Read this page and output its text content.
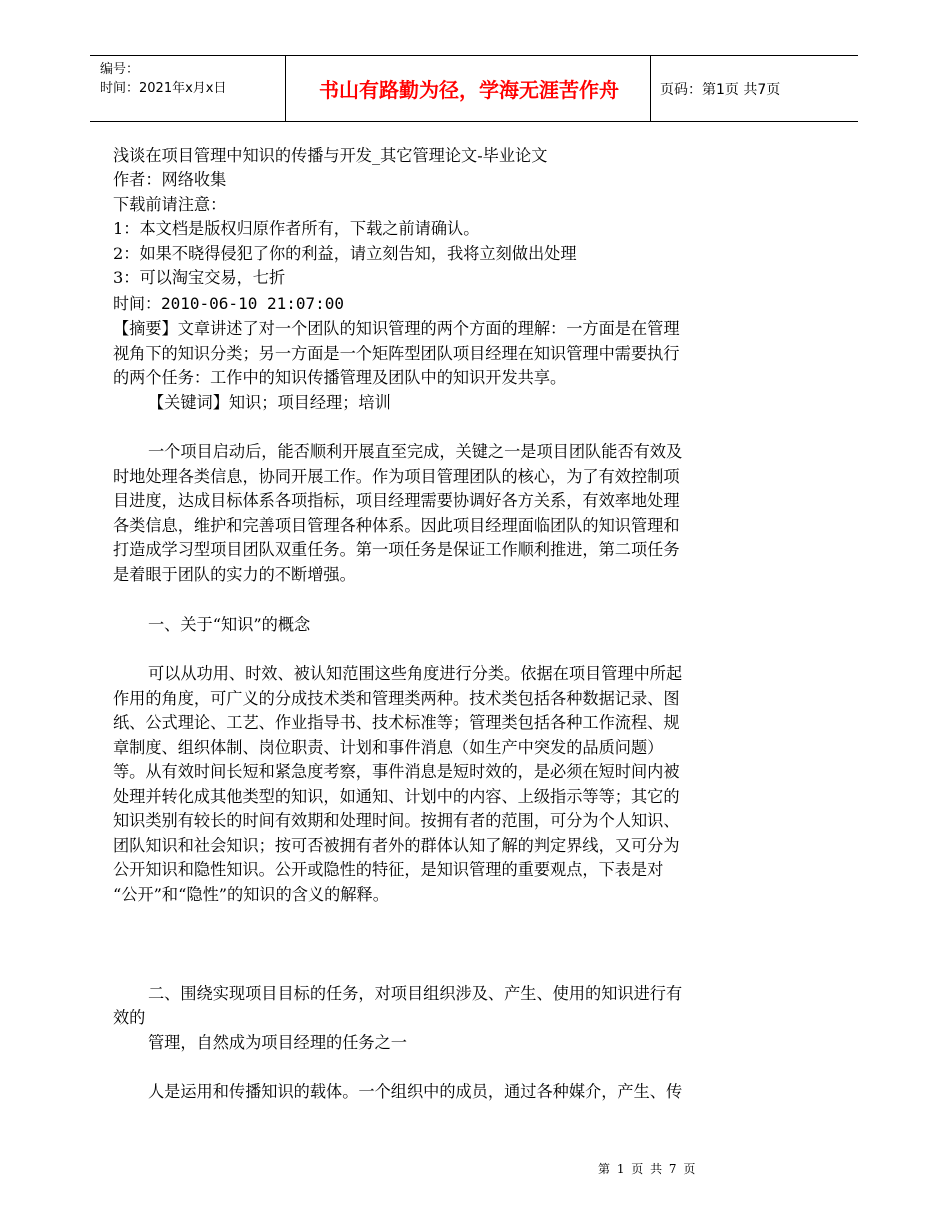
编号：
时间：2021年x月x日	书山有路勤为径，学海无涯苦作舟	页码：第1页 共7页
浅谈在项目管理中知识的传播与开发_其它管理论文-毕业论文
作者：网络收集
下载前请注意：
1：本文档是版权归原作者所有，下载之前请确认。
2：如果不晓得侵犯了你的利益，请立刻告知，我将立刻做出处理
3：可以淘宝交易，七折
时间：2010-06-10 21:07:00
【摘要】文章讲述了对一个团队的知识管理的两个方面的理解：一方面是在管理
视角下的知识分类；另一方面是一个矩阵型团队项目经理在知识管理中需要执行
的两个任务：工作中的知识传播管理及团队中的知识开发共享。
【关键词】知识；项目经理；培训
一个项目启动后，能否顺利开展直至完成，关键之一是项目团队能否有效及
时地处理各类信息，协同开展工作。作为项目管理团队的核心，为了有效控制项
目进度，达成目标体系各项指标，项目经理需要协调好各方关系，有效率地处理
各类信息，维护和完善项目管理各种体系。因此项目经理面临团队的知识管理和
打造成学习型项目团队双重任务。第一项任务是保证工作顺利推进，第二项任务
是着眼于团队的实力的不断增强。
一、关于“知识”的概念
可以从功用、时效、被认知范围这些角度进行分类。依据在项目管理中所起
作用的角度，可广义的分成技术类和管理类两种。技术类包括各种数据记录、图
纸、公式理论、工艺、作业指导书、技术标准等；管理类包括各种工作流程、规
章制度、组织体制、岗位职责、计划和事件消息（如生产中突发的品质问题）
等。从有效时间长短和紧急度考察，事件消息是短时效的，是必须在短时间内被
处理并转化成其他类型的知识，如通知、计划中的内容、上级指示等等；其它的
知识类别有较长的时间有效期和处理时间。按拥有者的范围，可分为个人知识、
团队知识和社会知识；按可否被拥有者外的群体认知了解的判定界线，又可分为
公开知识和隐性知识。公开或隐性的特征，是知识管理的重要观点，下表是对
“公开”和“隐性”的知识的含义的解释。
二、围绕实现项目目标的任务，对项目组织涉及、产生、使用的知识进行有
效的
管理，自然成为项目经理的任务之一
人是运用和传播知识的载体。一个组织中的成员，通过各种媒介，产生、传
第 1 页 共 7 页
